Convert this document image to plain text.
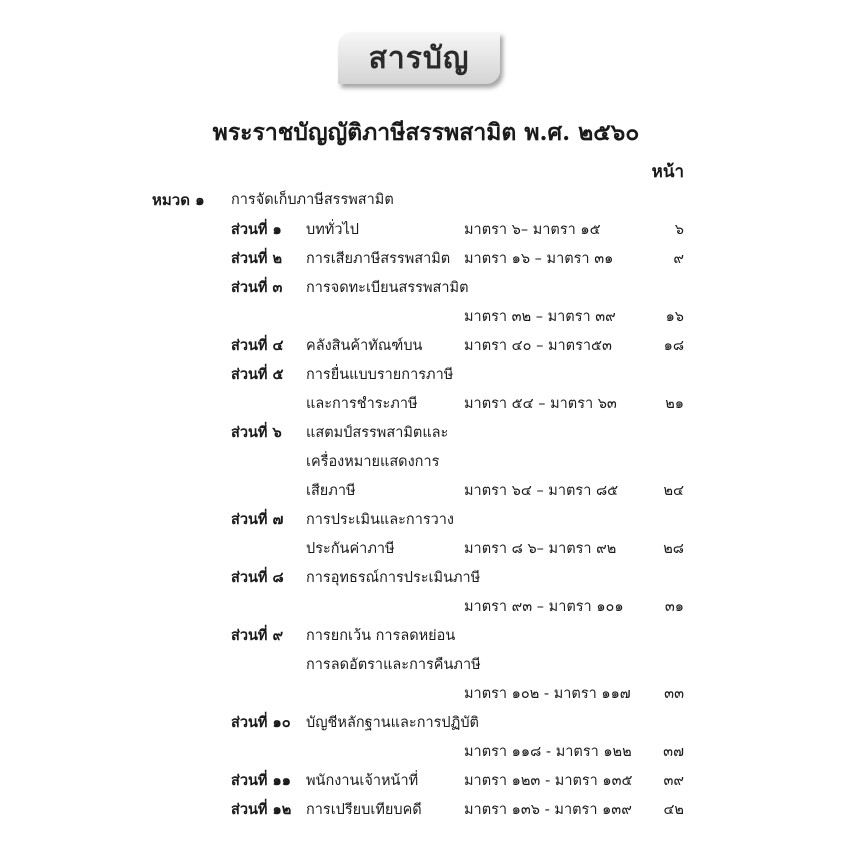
สารบัญ
พระราชบัญญัติภาษีสรรพสามิต พ.ศ. ๒๕๖๐
หน้า
หมวด ๑ การจัดเก็บภาษีสรรพสามิต
ส่วนที่ ๑ บททั่วไป	มาตรา ๖– มาตรา ๑๕	๖
ส่วนที่ ๒ การเสียภาษีสรรพสามิต มาตรา ๑๖ – มาตรา ๓๑	๙
ส่วนที่ ๓ การจดทะเบียนสรรพสามิต
มาตรา ๓๒ – มาตรา ๓๙	๑๖
ส่วนที่ ๔ คลังสินค้าทัณฑ์บน	มาตรา ๔๐ – มาตรา๕๓	๑๘
ส่วนที่ ๕ การยื่นแบบรายการภาษี
และการชำระภาษี	มาตรา ๕๔ – มาตรา ๖๓	๒๑
ส่วนที่ ๖ แสตมป์สรรพสามิตและ
เครื่องหมายแสดงการ
เสียภาษี	มาตรา ๖๔ – มาตรา ๘๕	๒๔
ส่วนที่ ๗ การประเมินและการวาง
ประกันค่าภาษี	มาตรา ๘ ๖– มาตรา ๙๒	๒๘
ส่วนที่ ๘ การอุทธรณ์การประเมินภาษี
มาตรา ๙๓ – มาตรา ๑๐๑	๓๑
ส่วนที่ ๙ การยกเว้น การลดหย่อน
การลดอัตราและการคืนภาษี
มาตรา ๑๐๒ - มาตรา ๑๑๗	๓๓
ส่วนที่ ๑๐ บัญชีหลักฐานและการปฏิบัติ
มาตรา ๑๑๘ - มาตรา ๑๒๒	๓๗
ส่วนที่ ๑๑ พนักงานเจ้าหน้าที่	มาตรา ๑๒๓ - มาตรา ๑๓๕	๓๙
ส่วนที่ ๑๒ การเปรียบเทียบคดี	มาตรา ๑๓๖ - มาตรา ๑๓๙	๔๒
